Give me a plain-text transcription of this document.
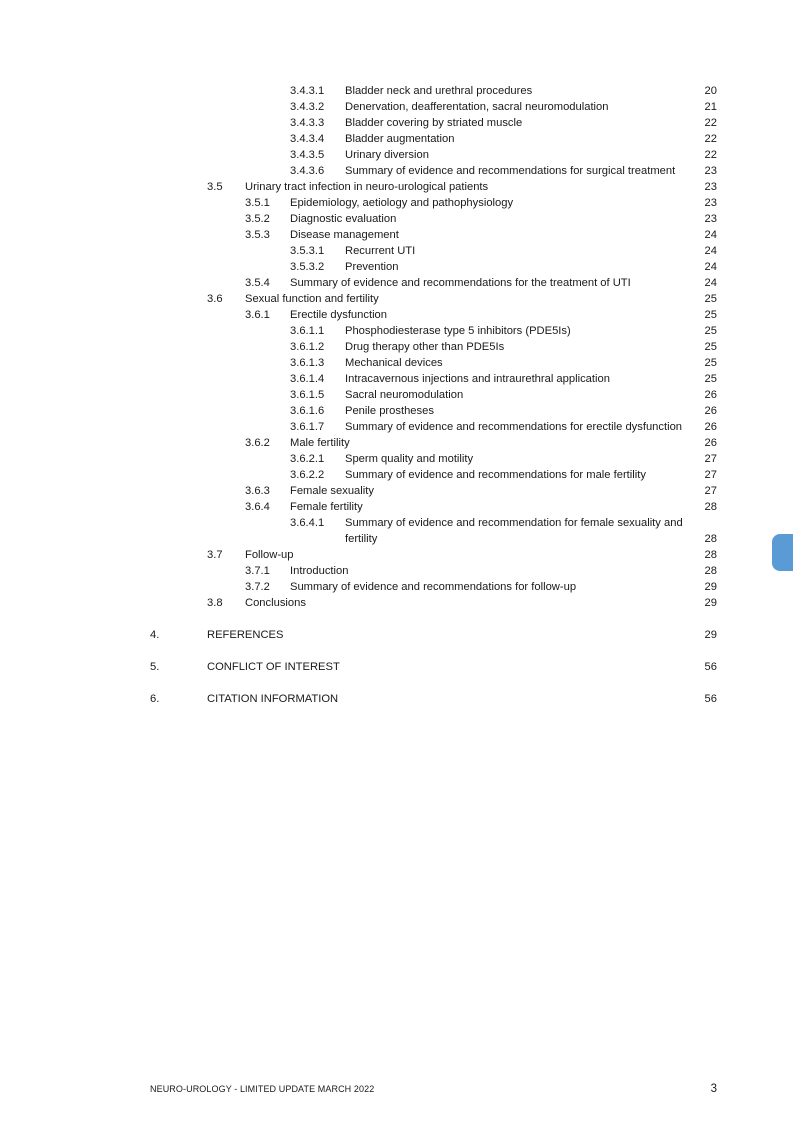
3.4.3.1 Bladder neck and urethral procedures	20
3.4.3.2 Denervation, deafferentation, sacral neuromodulation	21
3.4.3.3 Bladder covering by striated muscle	22
3.4.3.4 Bladder augmentation	22
3.4.3.5 Urinary diversion	22
3.4.3.6 Summary of evidence and recommendations for surgical treatment	23
3.5 Urinary tract infection in neuro-urological patients	23
3.5.1 Epidemiology, aetiology and pathophysiology	23
3.5.2 Diagnostic evaluation	23
3.5.3 Disease management	24
3.5.3.1 Recurrent UTI	24
3.5.3.2 Prevention	24
3.5.4 Summary of evidence and recommendations for the treatment of UTI	24
3.6 Sexual function and fertility	25
3.6.1 Erectile dysfunction	25
3.6.1.1 Phosphodiesterase type 5 inhibitors (PDE5Is)	25
3.6.1.2 Drug therapy other than PDE5Is	25
3.6.1.3 Mechanical devices	25
3.6.1.4 Intracavernous injections and intraurethral application	25
3.6.1.5 Sacral neuromodulation	26
3.6.1.6 Penile prostheses	26
3.6.1.7 Summary of evidence and recommendations for erectile dysfunction	26
3.6.2 Male fertility	26
3.6.2.1 Sperm quality and motility	27
3.6.2.2 Summary of evidence and recommendations for male fertility	27
3.6.3 Female sexuality	27
3.6.4 Female fertility	28
3.6.4.1 Summary of evidence and recommendation for female sexuality and fertility	28
3.7 Follow-up	28
3.7.1 Introduction	28
3.7.2 Summary of evidence and recommendations for follow-up	29
3.8 Conclusions	29
4.	REFERENCES	29
5.	CONFLICT OF INTEREST	56
6.	CITATION INFORMATION	56
NEURO-UROLOGY - LIMITED UPDATE MARCH 2022	3
